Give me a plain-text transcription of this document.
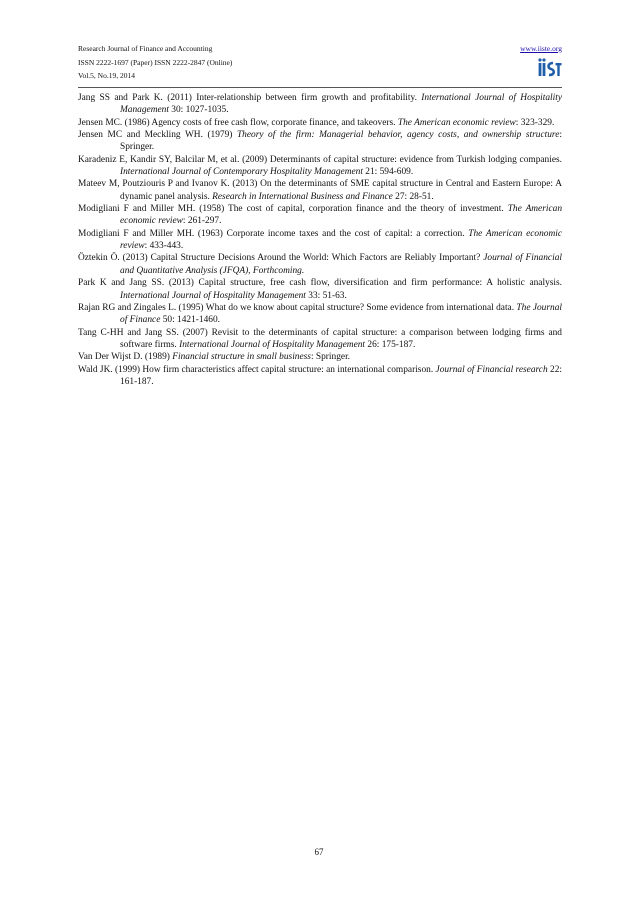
Research Journal of Finance and Accounting
ISSN 2222-1697 (Paper) ISSN 2222-2847 (Online)
Vol.5, No.19, 2014
www.iiste.org
Jang SS and Park K. (2011) Inter-relationship between firm growth and profitability. International Journal of Hospitality Management 30: 1027-1035.
Jensen MC. (1986) Agency costs of free cash flow, corporate finance, and takeovers. The American economic review: 323-329.
Jensen MC and Meckling WH. (1979) Theory of the firm: Managerial behavior, agency costs, and ownership structure: Springer.
Karadeniz E, Kandir SY, Balcilar M, et al. (2009) Determinants of capital structure: evidence from Turkish lodging companies. International Journal of Contemporary Hospitality Management 21: 594-609.
Mateev M, Poutziouris P and Ivanov K. (2013) On the determinants of SME capital structure in Central and Eastern Europe: A dynamic panel analysis. Research in International Business and Finance 27: 28-51.
Modigliani F and Miller MH. (1958) The cost of capital, corporation finance and the theory of investment. The American economic review: 261-297.
Modigliani F and Miller MH. (1963) Corporate income taxes and the cost of capital: a correction. The American economic review: 433-443.
Öztekin Ö. (2013) Capital Structure Decisions Around the World: Which Factors are Reliably Important? Journal of Financial and Quantitative Analysis (JFQA), Forthcoming.
Park K and Jang SS. (2013) Capital structure, free cash flow, diversification and firm performance: A holistic analysis. International Journal of Hospitality Management 33: 51-63.
Rajan RG and Zingales L. (1995) What do we know about capital structure? Some evidence from international data. The Journal of Finance 50: 1421-1460.
Tang C-HH and Jang SS. (2007) Revisit to the determinants of capital structure: a comparison between lodging firms and software firms. International Journal of Hospitality Management 26: 175-187.
Van Der Wijst D. (1989) Financial structure in small business: Springer.
Wald JK. (1999) How firm characteristics affect capital structure: an international comparison. Journal of Financial research 22: 161-187.
67
